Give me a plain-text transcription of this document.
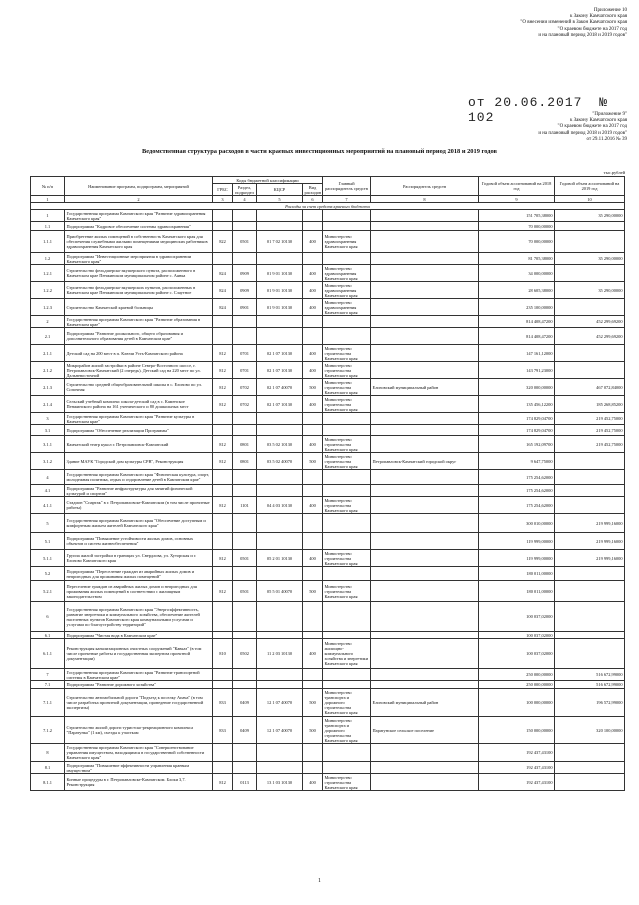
Приложение 10
к Закону Камчатского края
"О внесении изменений в Закон Камчатского края
"О краевом бюджете на 2017 год
и на плановый период 2018 и 2019 годов"
от 20.06.2017 № 102	"Приложение 9"
к Закону Камчатского края
"О краевом бюджете на 2017 год
и на плановый период 2018 и 2019 годов"
от 29.11.2016 № 39
Ведомственная структура расходов в части краевых инвестиционных мероприятий на плановый период 2018 и 2019 годов
тыс.рублей
№ п/п	Наименование программ, подпрограмм, мероприятий	Коды бюджетной классификации				Главный распорядитель средств	Распорядитель средств	Годовой объем ассигнований на 2018 год	Годовой объем ассигнований на 2019 год
		ГРБС	Раздел, подраздел	КЦСР	Вид расходов				
1	2	3	4	5	6	7	8	9	10
Расходы за счет средств краевого бюджета									
1	Государственная программа Камчатского края "Развитие здравоохранения Камчатского края"							151 705,38000	35 290,00000
1.1	Подпрограмма "Кадровое обеспечение системы здравоохранения"							70 000,00000	
1.1.1	Приобретение жилых помещений в собственность Камчатского края для обеспечения служебными жилыми помещениями медицинских работников здравоохранения Камчатского края	822	0501	01 7 02 10130	400	Министерство здравоохранения Камчатского края		70 000,00000	
1.2	Подпрограмма "Инвестиционные мероприятия в здравоохранении Камчатского края"							81 705,38000	35 290,00000
1.2.1	Строительство фельдшерско-акушерского пункта, расположенного в Камчатском крае Пенжинском муниципальном районе с. Аянка	824	0909	01 9 01 10130	400	Министерство здравоохранения Камчатского края		34 000,00000	
1.2.2	Строительство фельдшерско-акушерских пунктов, расположенных в Камчатском крае Пенжинском муниципальном районе с. Слаутное	824	0909	01 9 01 10130	400	Министерство здравоохранения Камчатского края		28 605,38000	35 290,00000
1.2.3	Строительство Камчатской краевой больницы	824	0901	01 9 01 10130	400	Министерство здравоохранения Камчатского края		235 100,00000	
2	Государственная программа Камчатского края "Развитие образования в Камчатском крае"							814 408,47200	452 299,69200
2.1	Подпрограмма "Развитие дошкольного, общего образования и дополнительного образования детей в Камчатском крае"							814 408,47200	452 299,69200
2.1.1	Детский сад на 200 мест в п. Ключи Усть-Камчатского района	812	0701	02 1 07 10130	400	Министерство строительства Камчатского края		147 161,12000	
2.1.2	Микрорайон жилой застройки в районе Северо-Восточного шоссе, г. Петропавловск-Камчатский (2 очередь). Детский сад на 220 мест по ул. Дальневосточной	812	0701	02 1 07 10130	400	Министерство строительства Камчатского края		143 791,23000	
2.1.3	Строительство средней общеобразовательной школы в с. Елизово по ул. Сопочная	812	0702	02 1 07 40070	500	Министерство строительства Камчатского края	Елизовский муниципальный район	320 000,00000	467 072,84000
2.1.4	Сельский учебный комплекс школа-детский сад в с. Каменское Пенжинского района на 161 ученического и 80 дошкольных мест	812	0702	02 1 07 10130	400	Министерство строительства Камчатского края		135 456,12200	185 268,85200
3	Государственная программа Камчатского края "Развитие культуры в Камчатском крае"							174 829,04700	219 452,75000
3.1	Подпрограмма "Обеспечение реализации Программы"							174 829,04700	219 452,75000
3.1.1	Камчатский театр кукол г. Петропавловск-Камчатский	812	0801	03 5 02 10130	400	Министерство строительства Камчатского края		165 192,09700	219 452,75000
3.1.2	Здание МАУК "Городской дом культуры СРВ", Реконструкция	812	0801	03 5 02 40070	500	Министерство строительства Камчатского края	Петропавловск-Камчатский городской округ	9 647,75000	
4	Государственная программа Камчатского края "Физическая культура, спорт, молодежная политика, отдых и оздоровление детей в Камчатском крае"							175 254,62000	
4.1	Подпрограмма "Развитие инфраструктуры для занятий физической культурой и спортом"							175 254,62000	
4.1.1	Стадион "Спартак" в г. Петропавловске-Камчатском (в том числе проектные работы)	812	1101	04 4 03 10130	400	Министерство строительства Камчатского края		175 254,62000	
5	Государственная программа Камчатского края "Обеспечение доступным и комфортным жильем жителей Камчатского края"							300 010,00000	219 999,16000
5.1	Подпрограмма "Повышение устойчивости жилых домов, основных объектов и систем жизнеобеспечения"							119 999,00000	219 999,16000
5.1.1	Группа жилой застройки в границах ул. Свердлова, ул. Хуторская и г. Елизово Камчатского края	812	0501	05 2 01 10130	400	Министерство строительства Камчатского края		119 999,00000	219 999,16000
5.2	Подпрограмма "Переселение граждан из аварийных жилых домов и непригодных для проживания жилых помещений"							180 011,00000	
5.2.1	Переселение граждан из аварийных жилых домов и непригодных для проживания жилых помещений в соответствии с жилищным законодательством	812	0501	05 5 01 40070	500	Министерство строительства Камчатского края		180 011,00000	
6	Государственная программа Камчатского края "Энергоэффективность, развитие энергетики и коммунального хозяйства, обеспечение жителей населенных пунктов Камчатского края коммунальными услугами и услугами по благоустройству территорий"							100 037,02000	
6.1	Подпрограмма "Чистая вода в Камчатском крае"							100 037,02000	
6.1.1	Реконструкция канализационных очистных сооружений "Кавказ" (в том числе проектные работы и государственная экспертиза проектной документации)	810	0502	11 2 03 10130	400	Министерство жилищно-коммунального хозяйства и энергетики Камчатского края		100 037,02000	
7	Государственная программа Камчатского края "Развитие транспортной системы в Камчатском крае"							250 000,00000	516 672,99000
7.1	Подпрограмма "Развитие дорожного хозяйства"							250 000,00000	516 672,99000
7.1.1	Строительство автомобильной дороги "Подъезд к поселку Апача" (в том числе разработка проектной документации, проведение государственной экспертизы)	833	0409	12 1 07 40070	500	Министерство транспорта и дорожного строительства Камчатского края	Елизовский муниципальный район	100 000,00000	196 572,99000
7.1.2	Строительство жилой дороги туристско-рекреационного комплекса "Паратунка" (1 км), съезды к участкам	833	0409	12 1 07 40070	500	Министерство транспорта и дорожного строительства Камчатского края	Паратунское сельское поселение	150 000,00000	320 100,00000
8	Государственная программа Камчатского края "Совершенствование управления имуществом, находящимся в государственной собственности Камчатского края"							192 437,43100	
8.1	Подпрограмма "Повышение эффективности управления краевым имуществом"							192 437,43100	
8.1.1	Конные процедуры в г. Петропавловске-Камчатском. Блоки 3,7. Реконструкция	812	0113	13 1 03 10130	400	Министерство строительства Камчатского края		192 437,43100	
1
